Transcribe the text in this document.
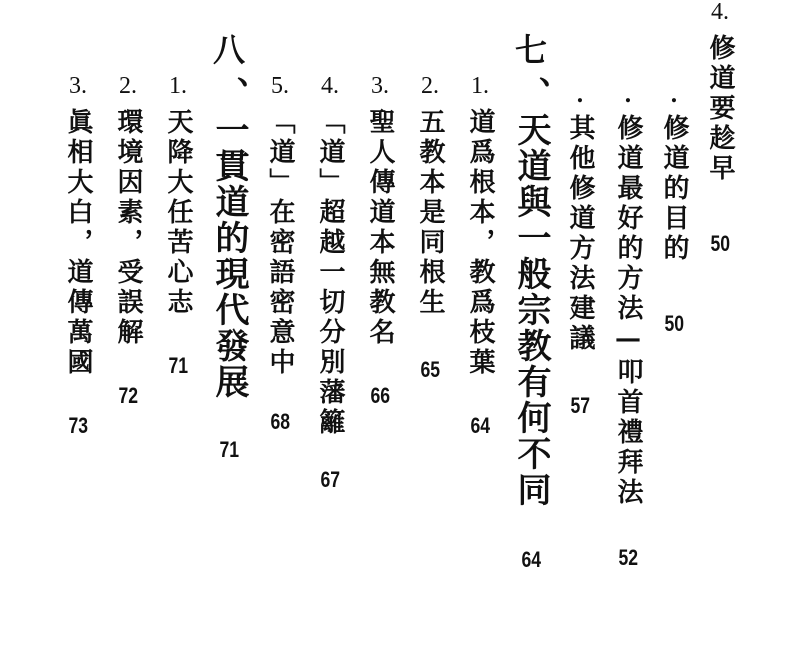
4.
修道要趁早
50
.
修道的目的
50
.
修道最好的方法—叩首禮拜法
52
.
其他修道方法建議
57
七
、天道與一般宗教有何不同
64
1.
道爲根本，教爲枝葉
64
2.
五教本是同根生
65
3.
聖人傳道本無教名
66
4.
「道」超越一切分別藩籬
67
5.
「道」在密語密意中
68
八
、一貫道的現代發展
71
1.
天降大任苦心志
71
2.
環境因素，受誤解
72
3.
眞相大白，道傳萬國
73
